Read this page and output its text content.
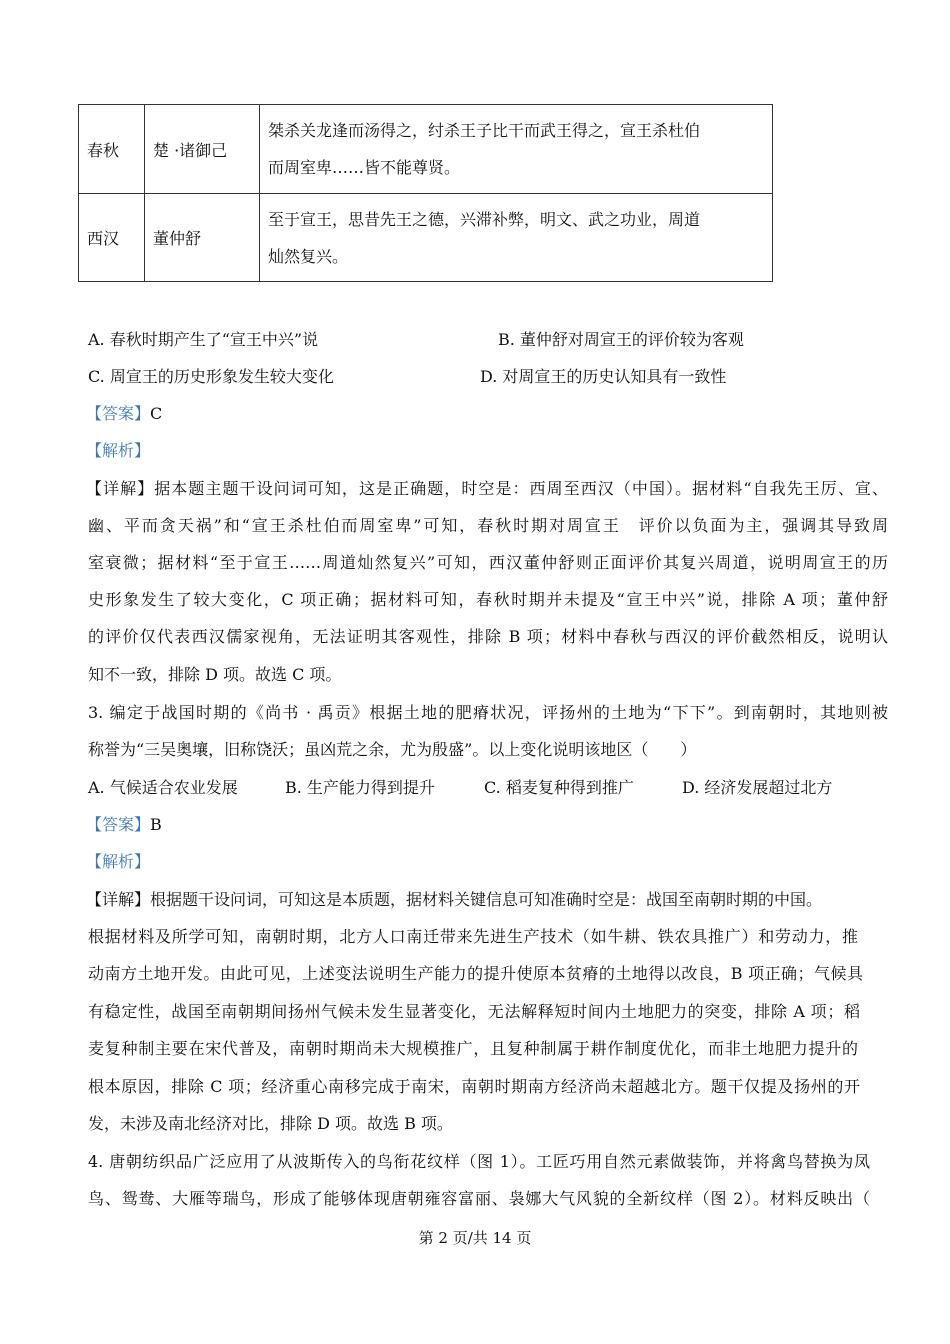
春秋	楚 ·诸御己	桀杀关龙逢而汤得之，纣杀王子比干而武王得之，宣王杀杜伯

而周室卑……皆不能尊贤。

西汉	董仲舒	至于宣王，思昔先王之德，兴滞补弊，明文、武之功业，周道

灿然复兴。

A. 春秋时期产生了“宣王中兴”说	B. 董仲舒对周宣王的评价较为客观
C. 周宣王的历史形象发生较大变化	D. 对周宣王的历史认知具有一致性
【答案】C
【解析】
【详解】据本题主题干设问词可知，这是正确题，时空是：西周至西汉（中国）。据材料“自我先王厉、宣、
幽、平而贪天祸”和“宣王杀杜伯而周室卑”可知，春秋时期对周宣王　评价以负面为主，强调其导致周
室衰微；据材料“至于宣王……周道灿然复兴”可知，西汉董仲舒则正面评价其复兴周道，说明周宣王的历
史形象发生了较大变化，C 项正确；据材料可知，春秋时期并未提及“宣王中兴”说，排除 A 项；董仲舒
的评价仅代表西汉儒家视角，无法证明其客观性，排除 B 项；材料中春秋与西汉的评价截然相反，说明认
知不一致，排除 D 项。故选 C 项。
3. 编定于战国时期的《尚书 · 禹贡》根据土地的肥瘠状况，评扬州的土地为“下下”。到南朝时，其地则被
称誉为“三吴奥壤，旧称饶沃；虽凶荒之余，尤为殷盛”。以上变化说明该地区（　　）
A. 气候适合农业发展	B. 生产能力得到提升	C. 稻麦复种得到推广	D. 经济发展超过北方
【答案】B
【解析】
【详解】根据题干设问词，可知这是本质题，据材料关键信息可知准确时空是：战国至南朝时期的中国。
根据材料及所学可知，南朝时期，北方人口南迁带来先进生产技术（如牛耕、铁农具推广）和劳动力，推
动南方土地开发。由此可见，上述变法说明生产能力的提升使原本贫瘠的土地得以改良，B 项正确；气候具
有稳定性，战国至南朝期间扬州气候未发生显著变化，无法解释短时间内土地肥力的突变，排除 A 项；稻
麦复种制主要在宋代普及，南朝时期尚未大规模推广，且复种制属于耕作制度优化，而非土地肥力提升的
根本原因，排除 C 项；经济重心南移完成于南宋，南朝时期南方经济尚未超越北方。题干仅提及扬州的开
发，未涉及南北经济对比，排除 D 项。故选 B 项。
4. 唐朝纺织品广泛应用了从波斯传入的鸟衔花纹样（图 1）。工匠巧用自然元素做装饰，并将禽鸟替换为凤
鸟、鸳鸯、大雁等瑞鸟，形成了能够体现唐朝雍容富丽、袅娜大气风貌的全新纹样（图 2）。材料反映出（
第 2 页/共 14 页
